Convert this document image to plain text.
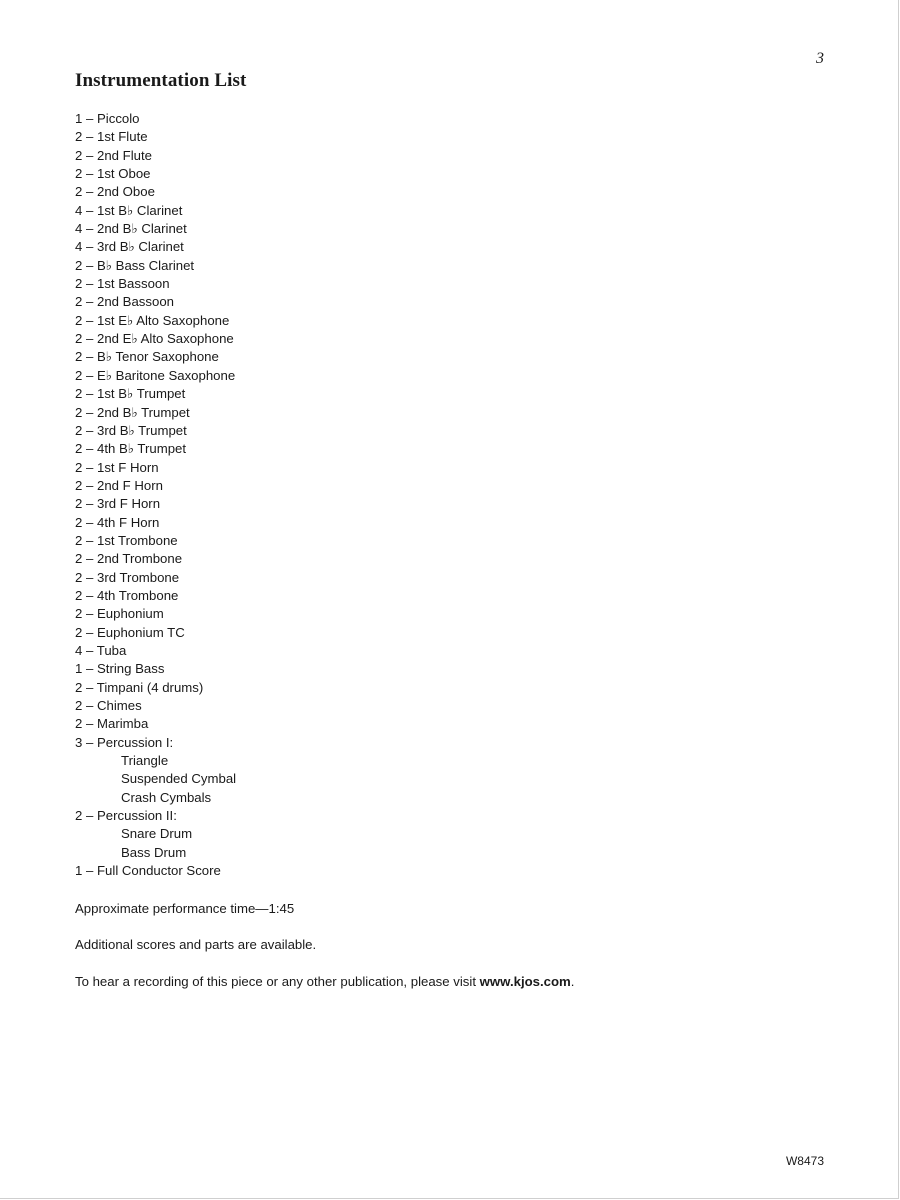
3
Instrumentation List
1 – Piccolo
2 – 1st Flute
2 – 2nd Flute
2 – 1st Oboe
2 – 2nd Oboe
4 – 1st B♭ Clarinet
4 – 2nd B♭ Clarinet
4 – 3rd B♭ Clarinet
2 – B♭ Bass Clarinet
2 – 1st Bassoon
2 – 2nd Bassoon
2 – 1st E♭ Alto Saxophone
2 – 2nd E♭ Alto Saxophone
2 – B♭ Tenor Saxophone
2 – E♭ Baritone Saxophone
2 – 1st B♭ Trumpet
2 – 2nd B♭ Trumpet
2 – 3rd B♭ Trumpet
2 – 4th B♭ Trumpet
2 – 1st F Horn
2 – 2nd F Horn
2 – 3rd F Horn
2 – 4th F Horn
2 – 1st Trombone
2 – 2nd Trombone
2 – 3rd Trombone
2 – 4th Trombone
2 – Euphonium
2 – Euphonium TC
4 – Tuba
1 – String Bass
2 – Timpani (4 drums)
2 – Chimes
2 – Marimba
3 – Percussion I:
Triangle
Suspended Cymbal
Crash Cymbals
2 – Percussion II:
Snare Drum
Bass Drum
1 – Full Conductor Score

Approximate performance time—1:45

Additional scores and parts are available.

To hear a recording of this piece or any other publication, please visit www.kjos.com.

W8473
